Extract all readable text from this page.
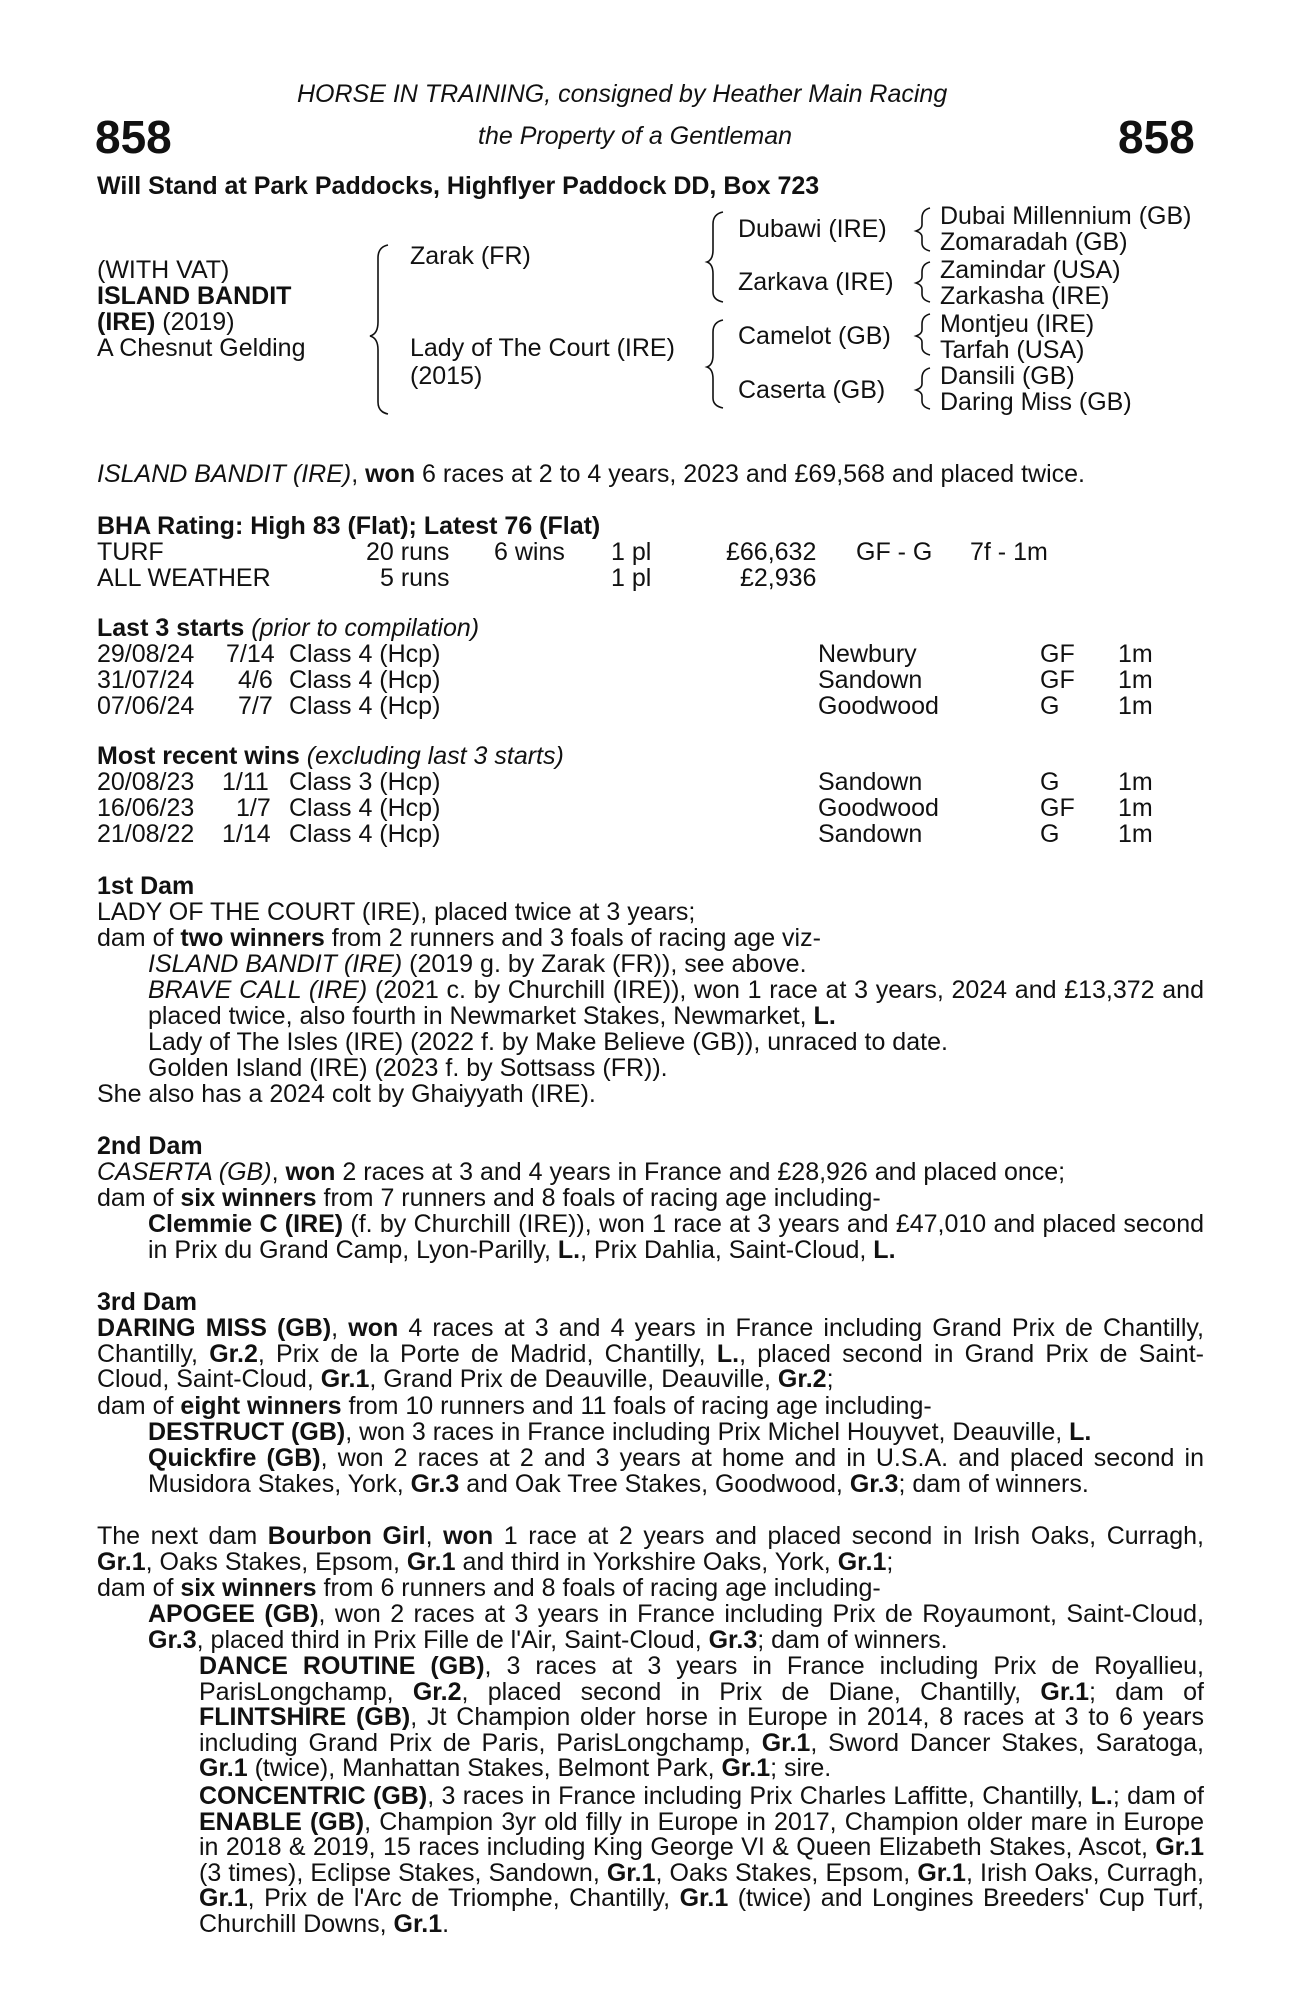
HORSE IN TRAINING, consigned by Heather Main Racing
858	the Property of a Gentleman	858
Will Stand at Park Paddocks, Highflyer Paddock DD, Box 723
(WITH VAT)
ISLAND BANDIT
(IRE) (2019)
A Chesnut Gelding
Zarak (FR)
Lady of The Court (IRE)
(2015)
Dubawi (IRE)
Zarkava (IRE)
Camelot (GB)
Caserta (GB)
Dubai Millennium (GB)
Zomaradah (GB)
Zamindar (USA)
Zarkasha (IRE)
Montjeu (IRE)
Tarfah (USA)
Dansili (GB)
Daring Miss (GB)
ISLAND BANDIT (IRE), won 6 races at 2 to 4 years, 2023 and £69,568 and placed twice.
BHA Rating: High 83 (Flat); Latest 76 (Flat)
TURF	20 runs 6 wins 1 pl	£66,632 GF - G 7f - 1m
ALL WEATHER	5 runs	1 pl	£2,936
Last 3 starts (prior to compilation)
29/08/24 7/14 Class 4 (Hcp)	Newbury	GF 1m
31/07/24 4/6 Class 4 (Hcp)	Sandown	GF 1m
07/06/24 7/7 Class 4 (Hcp)	Goodwood	G 1m
Most recent wins (excluding last 3 starts)
20/08/23 1/11 Class 3 (Hcp)	Sandown	G 1m
16/06/23 1/7 Class 4 (Hcp)	Goodwood	GF 1m
21/08/22 1/14 Class 4 (Hcp)	Sandown	G 1m
1st Dam
LADY OF THE COURT (IRE), placed twice at 3 years;
dam of two winners from 2 runners and 3 foals of racing age viz-
ISLAND BANDIT (IRE) (2019 g. by Zarak (FR)), see above.
BRAVE CALL (IRE) (2021 c. by Churchill (IRE)), won 1 race at 3 years, 2024 and £13,372 and placed twice, also fourth in Newmarket Stakes, Newmarket, L.
Lady of The Isles (IRE) (2022 f. by Make Believe (GB)), unraced to date.
Golden Island (IRE) (2023 f. by Sottsass (FR)).
She also has a 2024 colt by Ghaiyyath (IRE).
2nd Dam
CASERTA (GB), won 2 races at 3 and 4 years in France and £28,926 and placed once;
dam of six winners from 7 runners and 8 foals of racing age including-
Clemmie C (IRE) (f. by Churchill (IRE)), won 1 race at 3 years and £47,010 and placed second in Prix du Grand Camp, Lyon-Parilly, L., Prix Dahlia, Saint-Cloud, L.
3rd Dam
DARING MISS (GB), won 4 races at 3 and 4 years in France including Grand Prix de Chantilly, Chantilly, Gr.2, Prix de la Porte de Madrid, Chantilly, L., placed second in Grand Prix de Saint-Cloud, Saint-Cloud, Gr.1, Grand Prix de Deauville, Deauville, Gr.2;
dam of eight winners from 10 runners and 11 foals of racing age including-
DESTRUCT (GB), won 3 races in France including Prix Michel Houyvet, Deauville, L.
Quickfire (GB), won 2 races at 2 and 3 years at home and in U.S.A. and placed second in Musidora Stakes, York, Gr.3 and Oak Tree Stakes, Goodwood, Gr.3; dam of winners.
The next dam Bourbon Girl, won 1 race at 2 years and placed second in Irish Oaks, Curragh, Gr.1, Oaks Stakes, Epsom, Gr.1 and third in Yorkshire Oaks, York, Gr.1;
dam of six winners from 6 runners and 8 foals of racing age including-
APOGEE (GB), won 2 races at 3 years in France including Prix de Royaumont, Saint-Cloud, Gr.3, placed third in Prix Fille de l'Air, Saint-Cloud, Gr.3; dam of winners.
DANCE ROUTINE (GB), 3 races at 3 years in France including Prix de Royallieu, ParisLongchamp, Gr.2, placed second in Prix de Diane, Chantilly, Gr.1; dam of FLINTSHIRE (GB), Jt Champion older horse in Europe in 2014, 8 races at 3 to 6 years including Grand Prix de Paris, ParisLongchamp, Gr.1, Sword Dancer Stakes, Saratoga, Gr.1 (twice), Manhattan Stakes, Belmont Park, Gr.1; sire.
CONCENTRIC (GB), 3 races in France including Prix Charles Laffitte, Chantilly, L.; dam of ENABLE (GB), Champion 3yr old filly in Europe in 2017, Champion older mare in Europe in 2018 & 2019, 15 races including King George VI & Queen Elizabeth Stakes, Ascot, Gr.1 (3 times), Eclipse Stakes, Sandown, Gr.1, Oaks Stakes, Epsom, Gr.1, Irish Oaks, Curragh, Gr.1, Prix de l'Arc de Triomphe, Chantilly, Gr.1 (twice) and Longines Breeders' Cup Turf, Churchill Downs, Gr.1.
